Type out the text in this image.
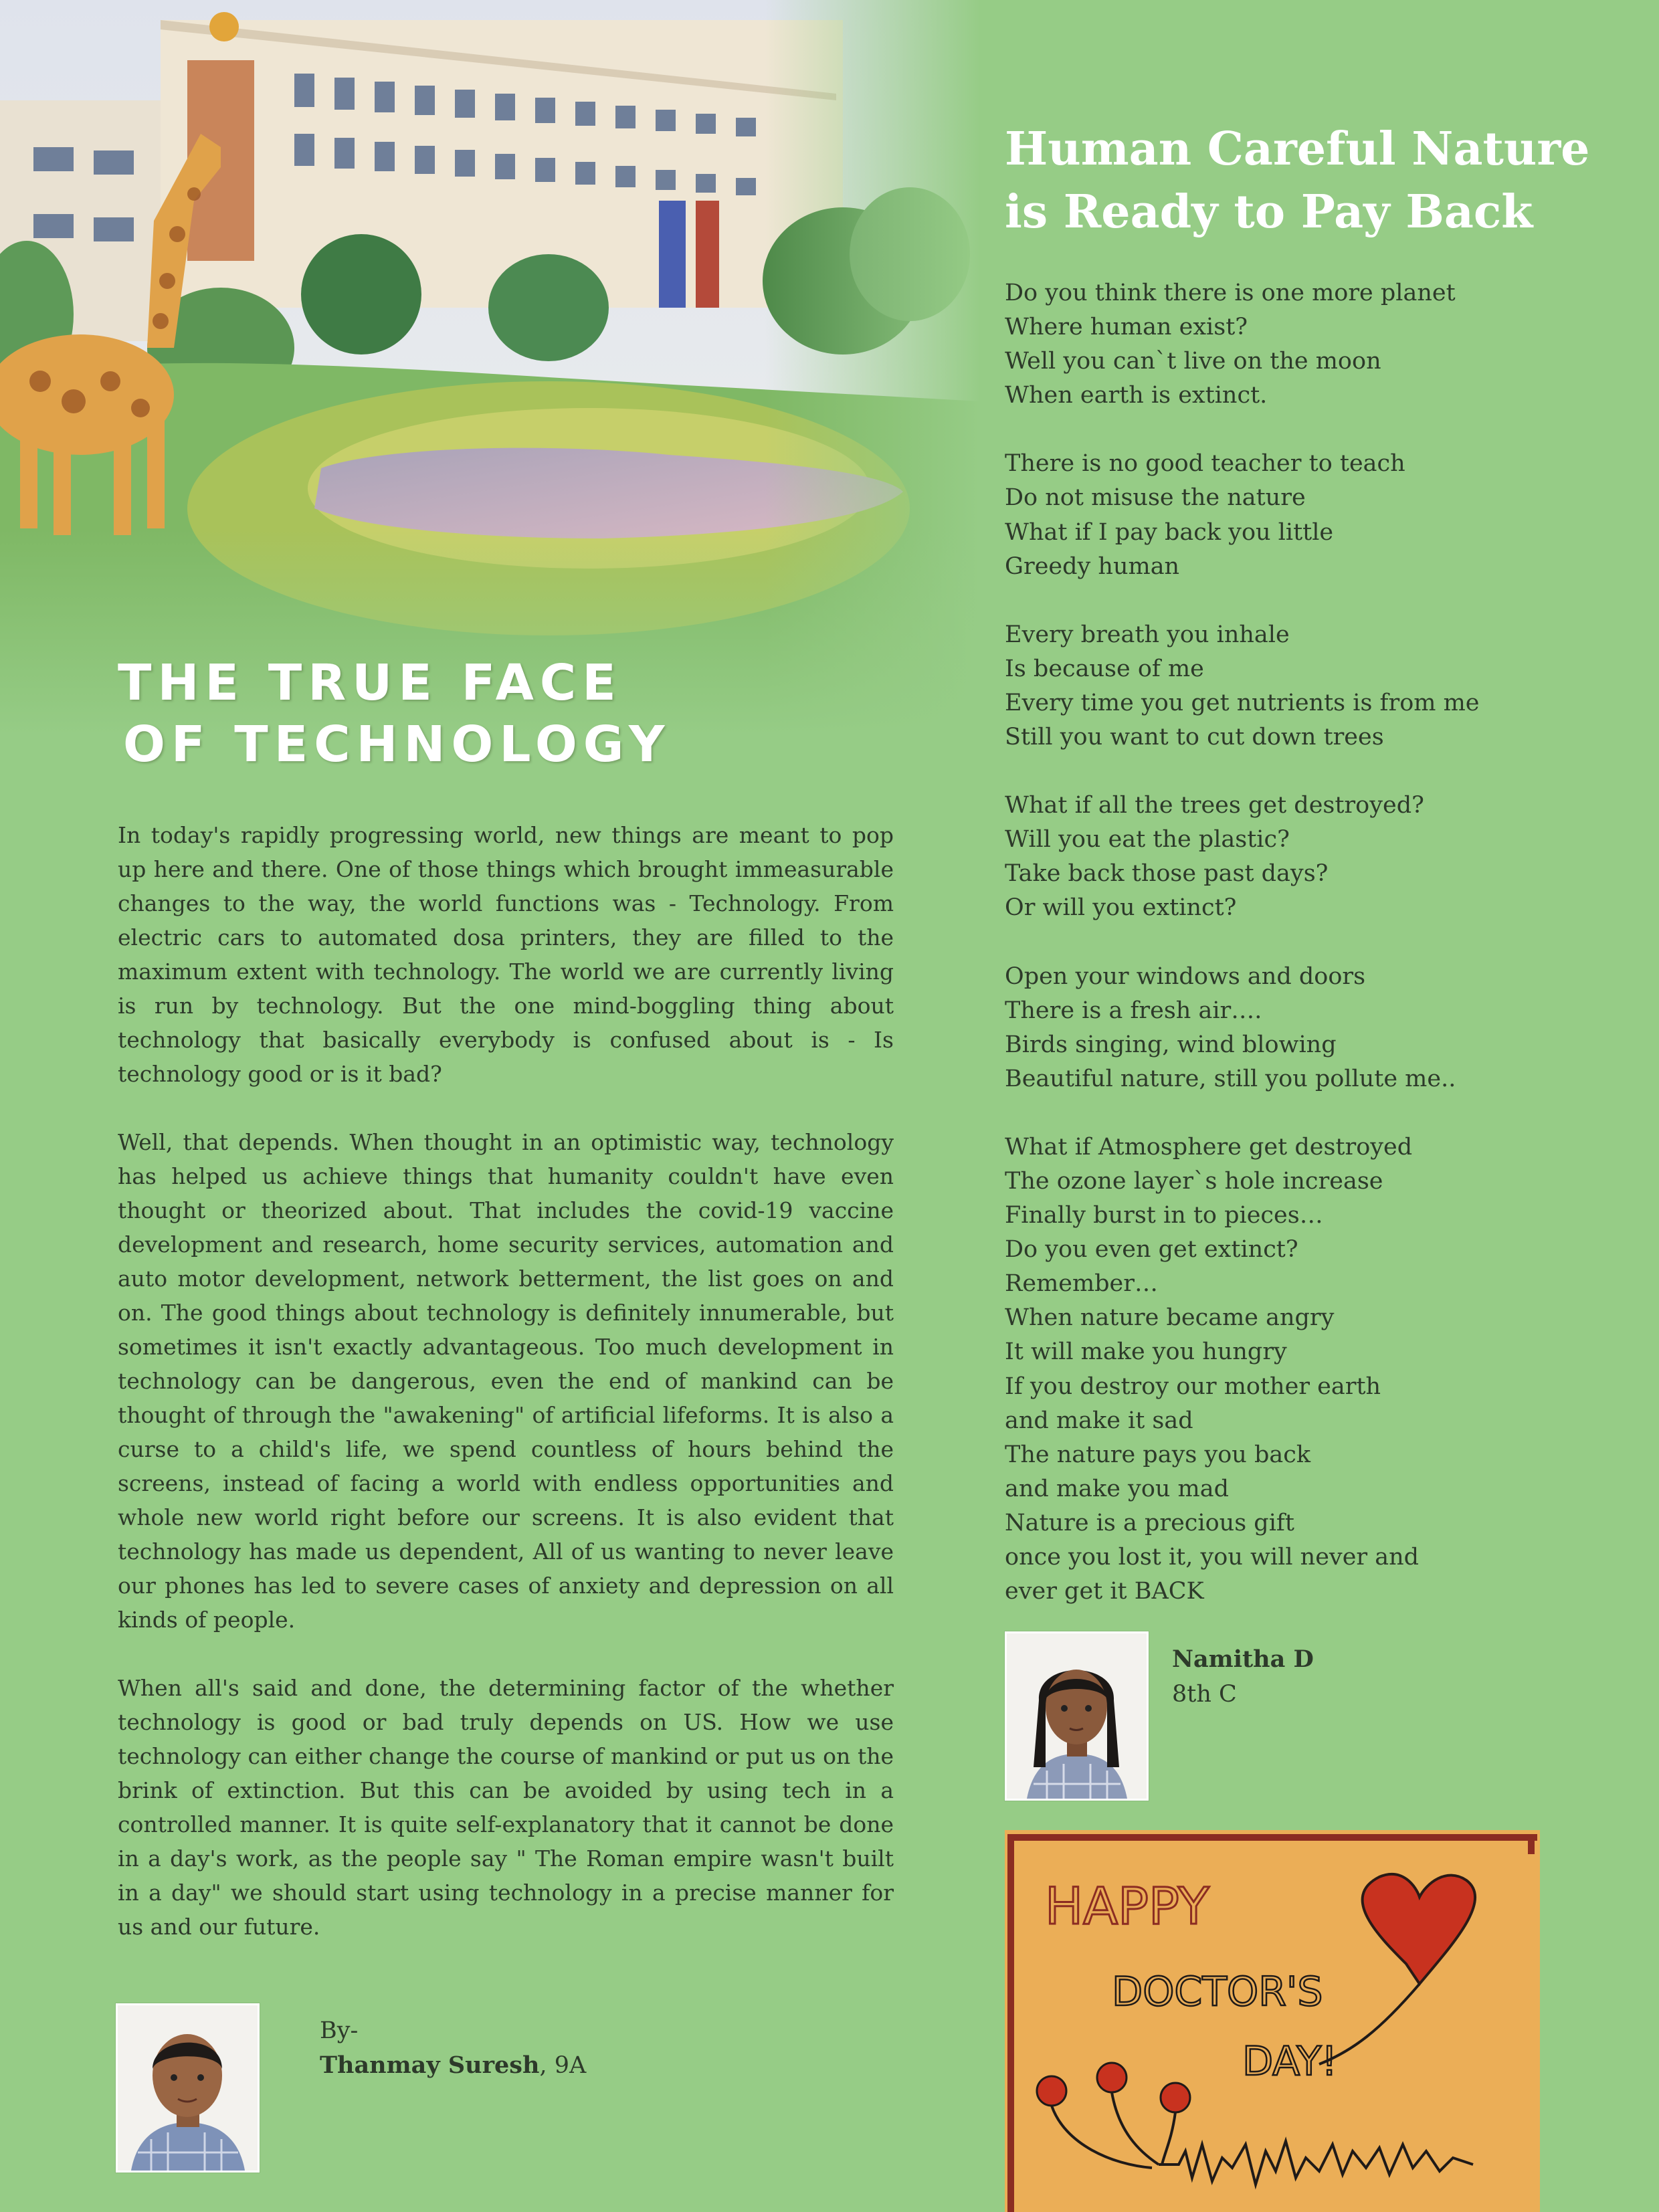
THE TRUE FACE
OF TECHNOLOGY

In today's rapidly progressing world, new things are meant to pop up here and there. One of those things which brought immeasurable changes to the way, the world functions was - Technology. From electric cars to automated dosa printers, they are filled to the maximum extent with technology. The world we are currently living is run by technology. But the one mind-boggling thing about technology that basically everybody is confused about is - Is technology good or is it bad?

Well, that depends. When thought in an optimistic way, technology has helped us achieve things that humanity couldn't have even thought or theorized about. That includes the covid-19 vaccine development and research, home security services, automation and auto motor development, network betterment, the list goes on and on. The good things about technology is definitely innumerable, but sometimes it isn't exactly advantageous. Too much development in technology can be dangerous, even the end of mankind can be thought of through the "awakening" of artificial lifeforms. It is also a curse to a child's life, we spend countless of hours behind the screens, instead of facing a world with endless opportunities and whole new world right before our screens. It is also evident that technology has made us dependent, All of us wanting to never leave our phones has led to severe cases of anxiety and depression on all kinds of people.

When all's said and done, the determining factor of the whether technology is good or bad truly depends on US. How we use technology can either change the course of mankind or put us on the brink of extinction. But this can be avoided by using tech in a controlled manner. It is quite self-explanatory that it cannot be done in a day's work, as the people say " The Roman empire wasn't built in a day" we should start using technology in a precise manner for us and our future.

By-
Thanmay Suresh, 9A
Human Careful Nature
is Ready to Pay Back
Do you think there is one more planet
Where human exist?
Well you can`t live on the moon
When earth is extinct.
There is no good teacher to teach
Do not misuse the nature
What if I pay back you little
Greedy human
Every breath you inhale
Is because of me
Every time you get nutrients is from me
Still you want to cut down trees
What if all the trees get destroyed?
Will you eat the plastic?
Take back those past days?
Or will you extinct?
Open your windows and doors
There is a fresh air….
Birds singing, wind blowing
Beautiful nature, still you pollute me..
What if Atmosphere get destroyed
The ozone layer`s hole increase
Finally burst in to pieces…
Do you even get extinct?
Remember…
When nature became angry
It will make you hungry
If you destroy our mother earth
and make it sad
The nature pays you back
and make you mad
Nature is a precious gift
once you lost it, you will never and
ever get it BACK
Namitha D
8th C
HAPPY
DOCTOR'S
DAY!
